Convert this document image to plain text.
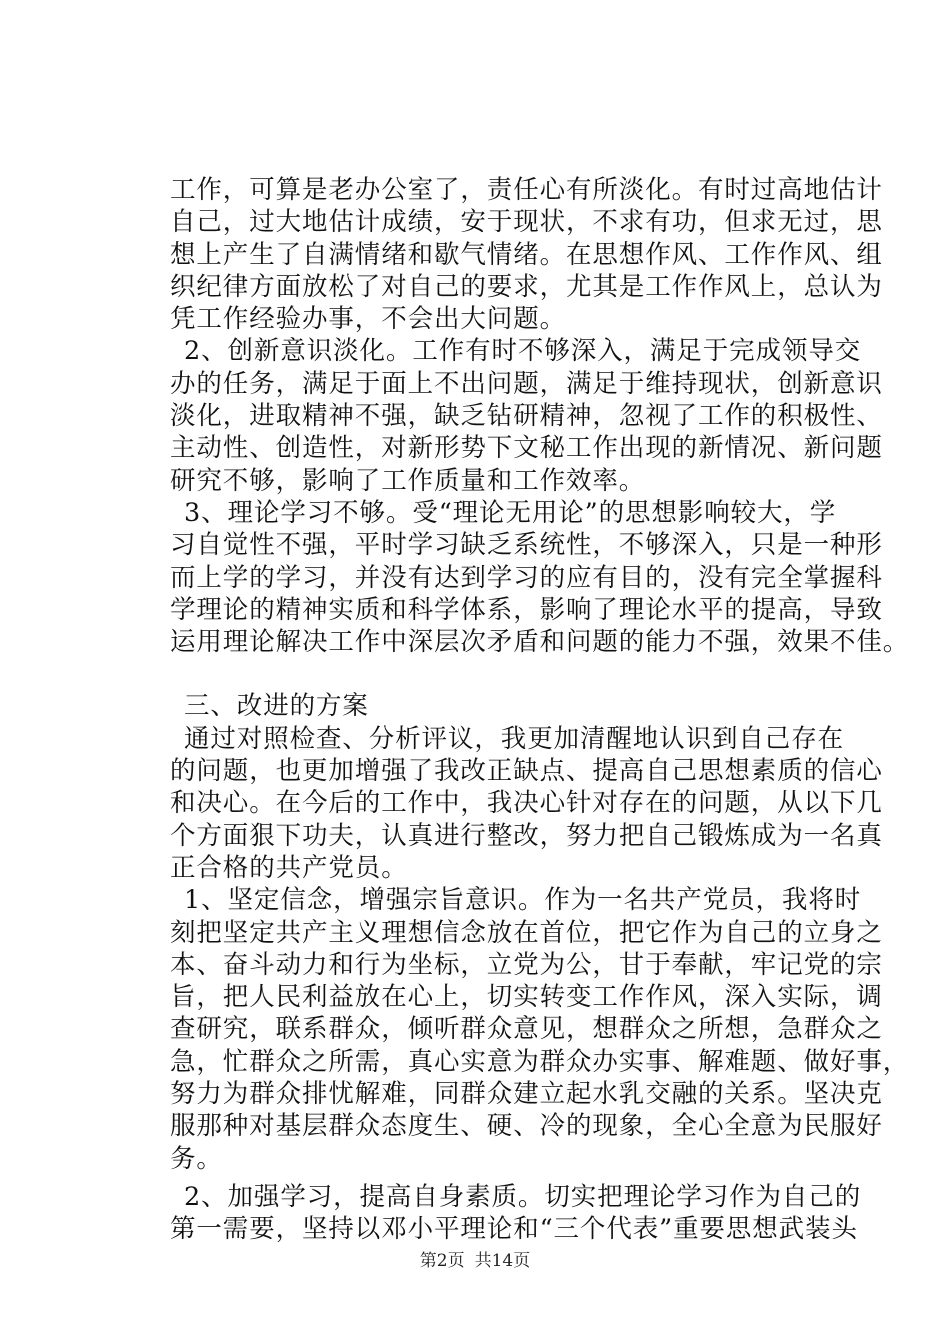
工作，可算是老办公室了，责任心有所淡化。有时过高地估计

自己，过大地估计成绩，安于现状，不求有功，但求无过，思

想上产生了自满情绪和歇气情绪。在思想作风、工作作风、组

织纪律方面放松了对自己的要求，尤其是工作作风上，总认为

凭工作经验办事，不会出大问题。

2、创新意识淡化。工作有时不够深入，满足于完成领导交

办的任务，满足于面上不出问题，满足于维持现状，创新意识

淡化，进取精神不强，缺乏钻研精神，忽视了工作的积极性、

主动性、创造性，对新形势下文秘工作出现的新情况、新问题

研究不够，影响了工作质量和工作效率。

3、理论学习不够。受“理论无用论”的思想影响较大，学

习自觉性不强，平时学习缺乏系统性，不够深入，只是一种形

而上学的学习，并没有达到学习的应有目的，没有完全掌握科

学理论的精神实质和科学体系，影响了理论水平的提高，导致

运用理论解决工作中深层次矛盾和问题的能力不强，效果不佳。

三、改进的方案

通过对照检查、分析评议，我更加清醒地认识到自己存在

的问题，也更加增强了我改正缺点、提高自己思想素质的信心

和决心。在今后的工作中，我决心针对存在的问题，从以下几

个方面狠下功夫，认真进行整改，努力把自己锻炼成为一名真

正合格的共产党员。

1、坚定信念，增强宗旨意识。作为一名共产党员，我将时

刻把坚定共产主义理想信念放在首位，把它作为自己的立身之

本、奋斗动力和行为坐标，立党为公，甘于奉献，牢记党的宗

旨，把人民利益放在心上，切实转变工作作风，深入实际，调

查研究，联系群众，倾听群众意见，想群众之所想，急群众之

急，忙群众之所需，真心实意为群众办实事、解难题、做好事，

努力为群众排忧解难，同群众建立起水乳交融的关系。坚决克

服那种对基层群众态度生、硬、冷的现象，全心全意为民服好

务。

2、加强学习，提高自身素质。切实把理论学习作为自己的

第一需要，坚持以邓小平理论和“三个代表”重要思想武装头

第2页 共14页
